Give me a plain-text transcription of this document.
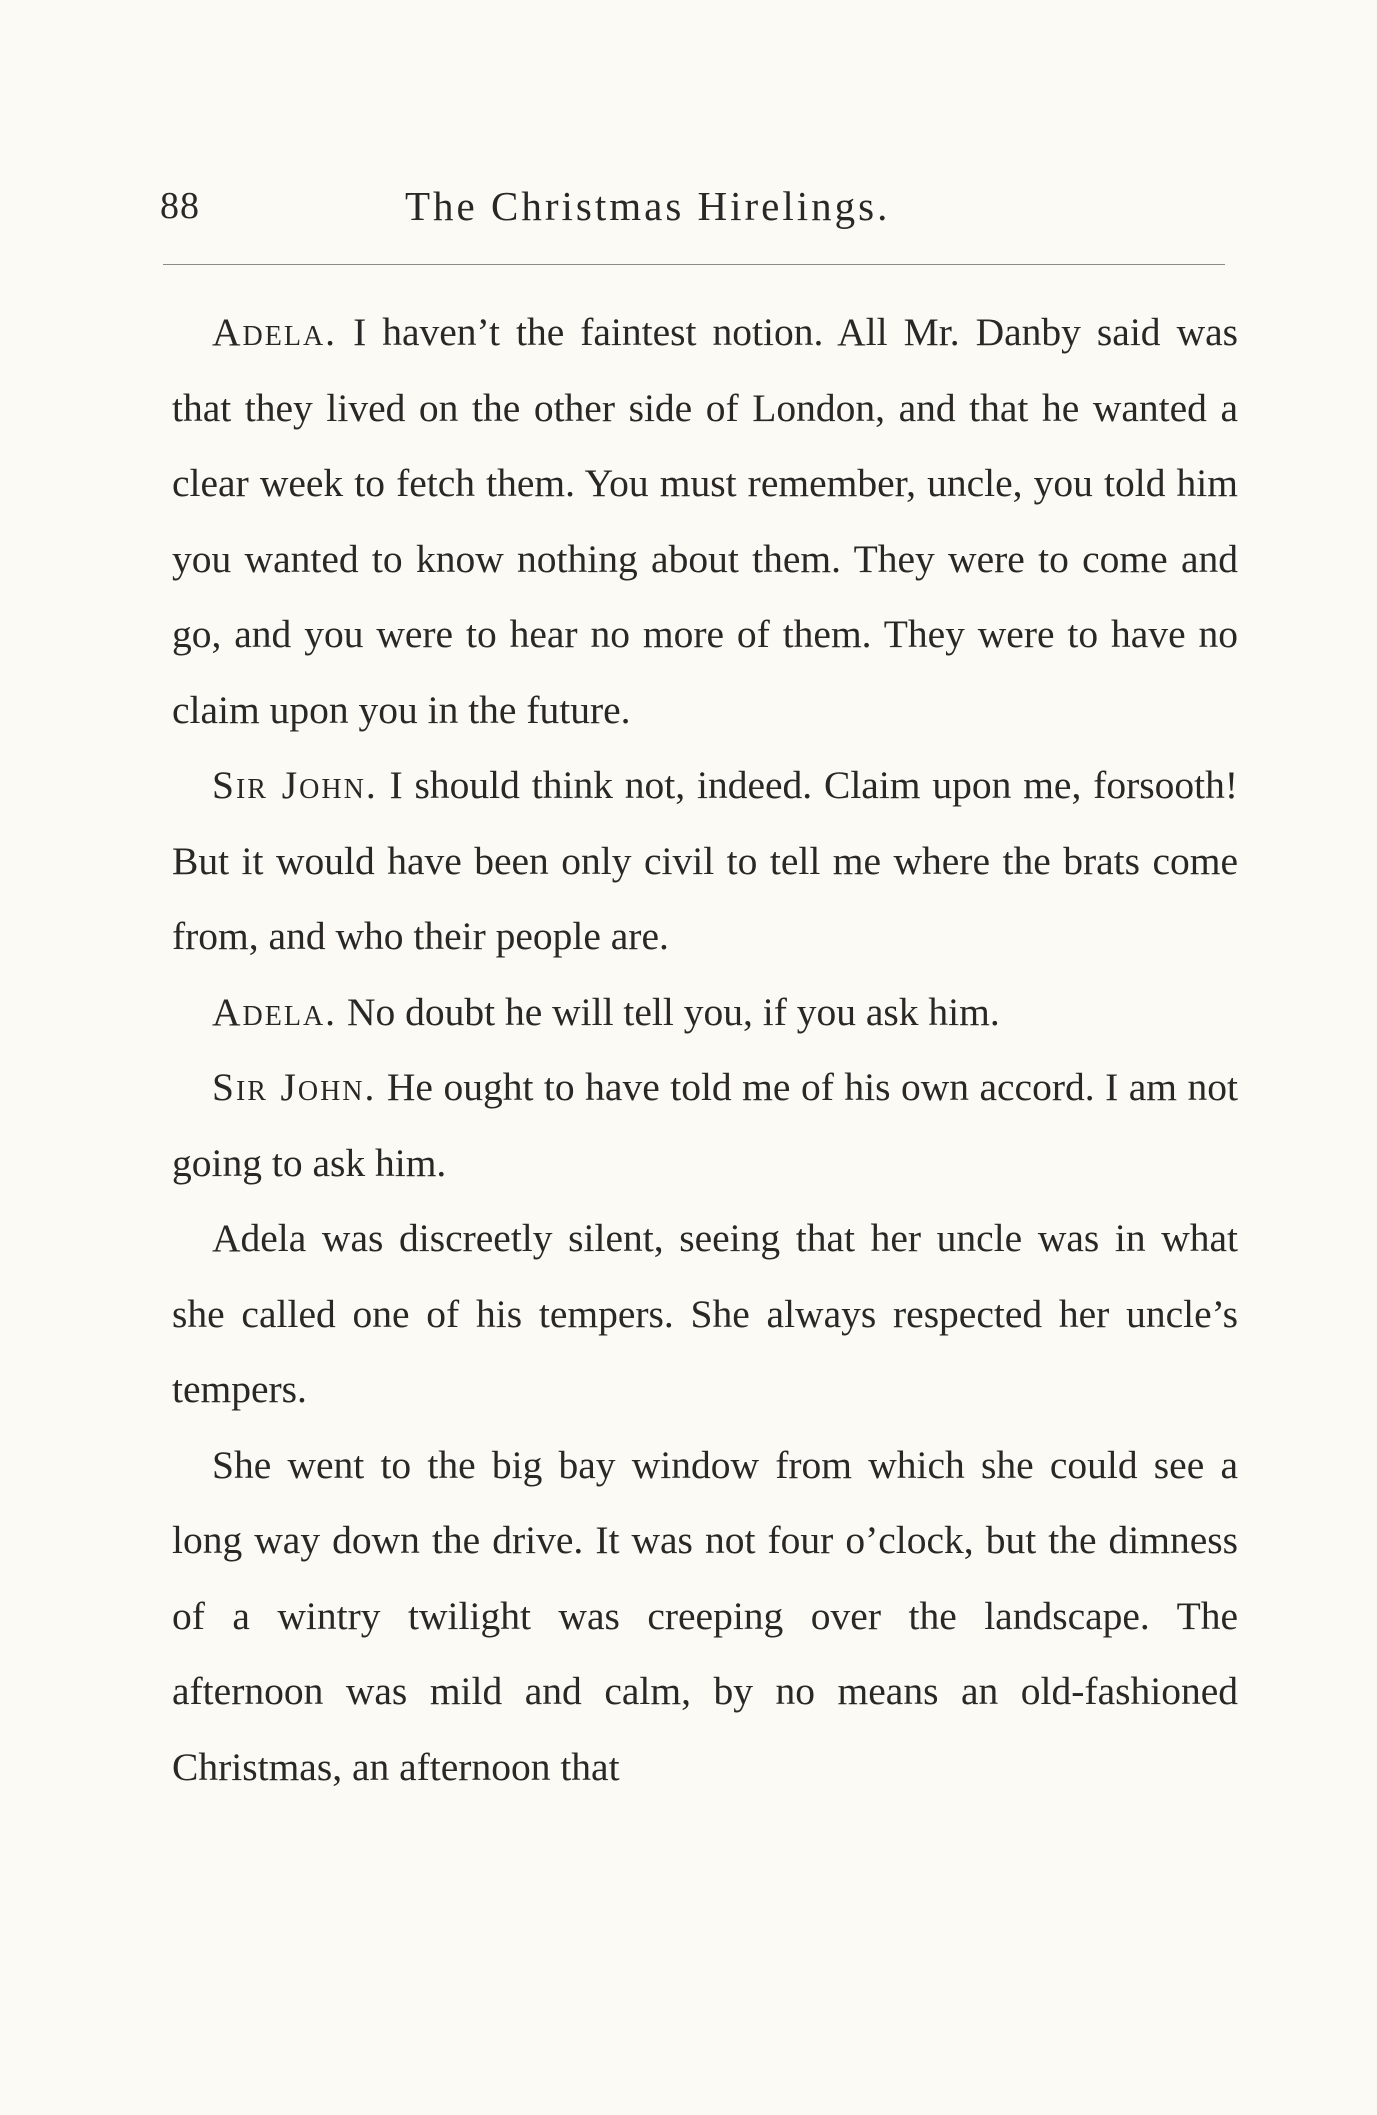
88	The Christmas Hirelings.

Adela. I haven’t the faintest notion. All Mr. Danby said was that they lived on the other side of London, and that he wanted a clear week to fetch them. You must remember, uncle, you told him you wanted to know nothing about them. They were to come and go, and you were to hear no more of them. They were to have no claim upon you in the future.

Sir John. I should think not, indeed. Claim upon me, forsooth! But it would have been only civil to tell me where the brats come from, and who their people are.

Adela. No doubt he will tell you, if you ask him.

Sir John. He ought to have told me of his own accord. I am not going to ask him.

Adela was discreetly silent, seeing that her uncle was in what she called one of his tempers. She always respected her uncle’s tempers.

She went to the big bay window from which she could see a long way down the drive. It was not four o’clock, but the dimness of a wintry twilight was creeping over the landscape. The afternoon was mild and calm, by no means an old-fashioned Christmas, an afternoon that
